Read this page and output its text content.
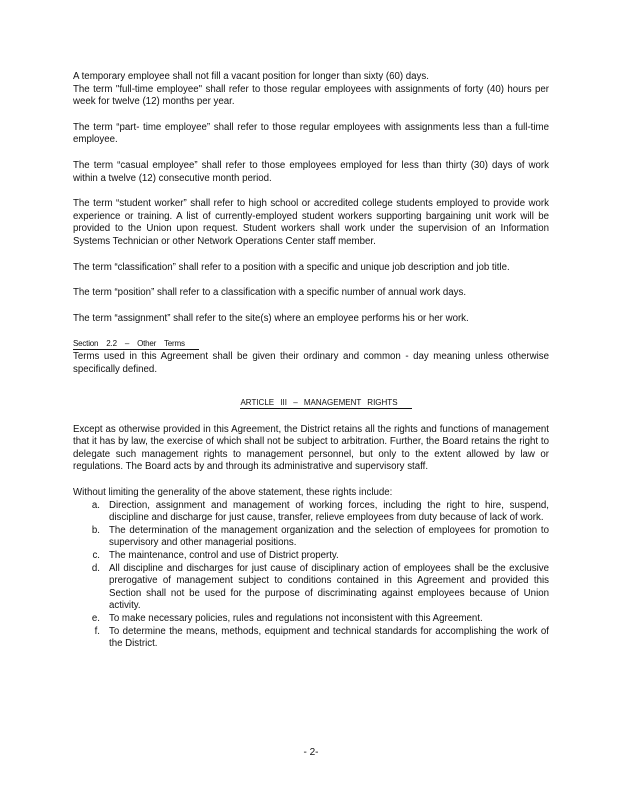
A temporary employee shall not fill a vacant position for longer than sixty (60) days.

The term "full-time employee" shall refer to those regular employees with assignments of forty (40) hours per week for twelve (12) months per year.

The term “part- time employee” shall refer to those regular employees with assignments less than a full-time employee.

The term “casual employee” shall refer to those employees employed for less than thirty (30) days of work within a twelve (12) consecutive month period.

The term “student worker” shall refer to high school or accredited college students employed to provide work experience or training. A list of currently-employed student workers supporting bargaining unit work will be provided to the Union upon request. Student workers shall work under the supervision of an Information Systems Technician or other Network Operations Center staff member.

The term “classification” shall refer to a position with a specific and unique job description and job title.

The term “position” shall refer to a classification with a specific number of annual work days.

The term “assignment” shall refer to the site(s) where an employee performs his or her work.

Section 2.2 – Other Terms

Terms used in this Agreement shall be given their ordinary and common - day meaning unless otherwise specifically defined.

ARTICLE III – MANAGEMENT RIGHTS

Except as otherwise provided in this Agreement, the District retains all the rights and functions of management that it has by law, the exercise of which shall not be subject to arbitration. Further, the Board retains the right to delegate such management rights to management personnel, but only to the extent allowed by law or regulations. The Board acts by and through its administrative and supervisory staff.

Without limiting the generality of the above statement, these rights include:

a. Direction, assignment and management of working forces, including the right to hire, suspend, discipline and discharge for just cause, transfer, relieve employees from duty because of lack of work.
b. The determination of the management organization and the selection of employees for promotion to supervisory and other managerial positions.
c. The maintenance, control and use of District property.
d. All discipline and discharges for just cause of disciplinary action of employees shall be the exclusive prerogative of management subject to conditions contained in this Agreement and provided this Section shall not be used for the purpose of discriminating against employees because of Union activity.
e. To make necessary policies, rules and regulations not inconsistent with this Agreement.
f. To determine the means, methods, equipment and technical standards for accomplishing the work of the District.
- 2-
